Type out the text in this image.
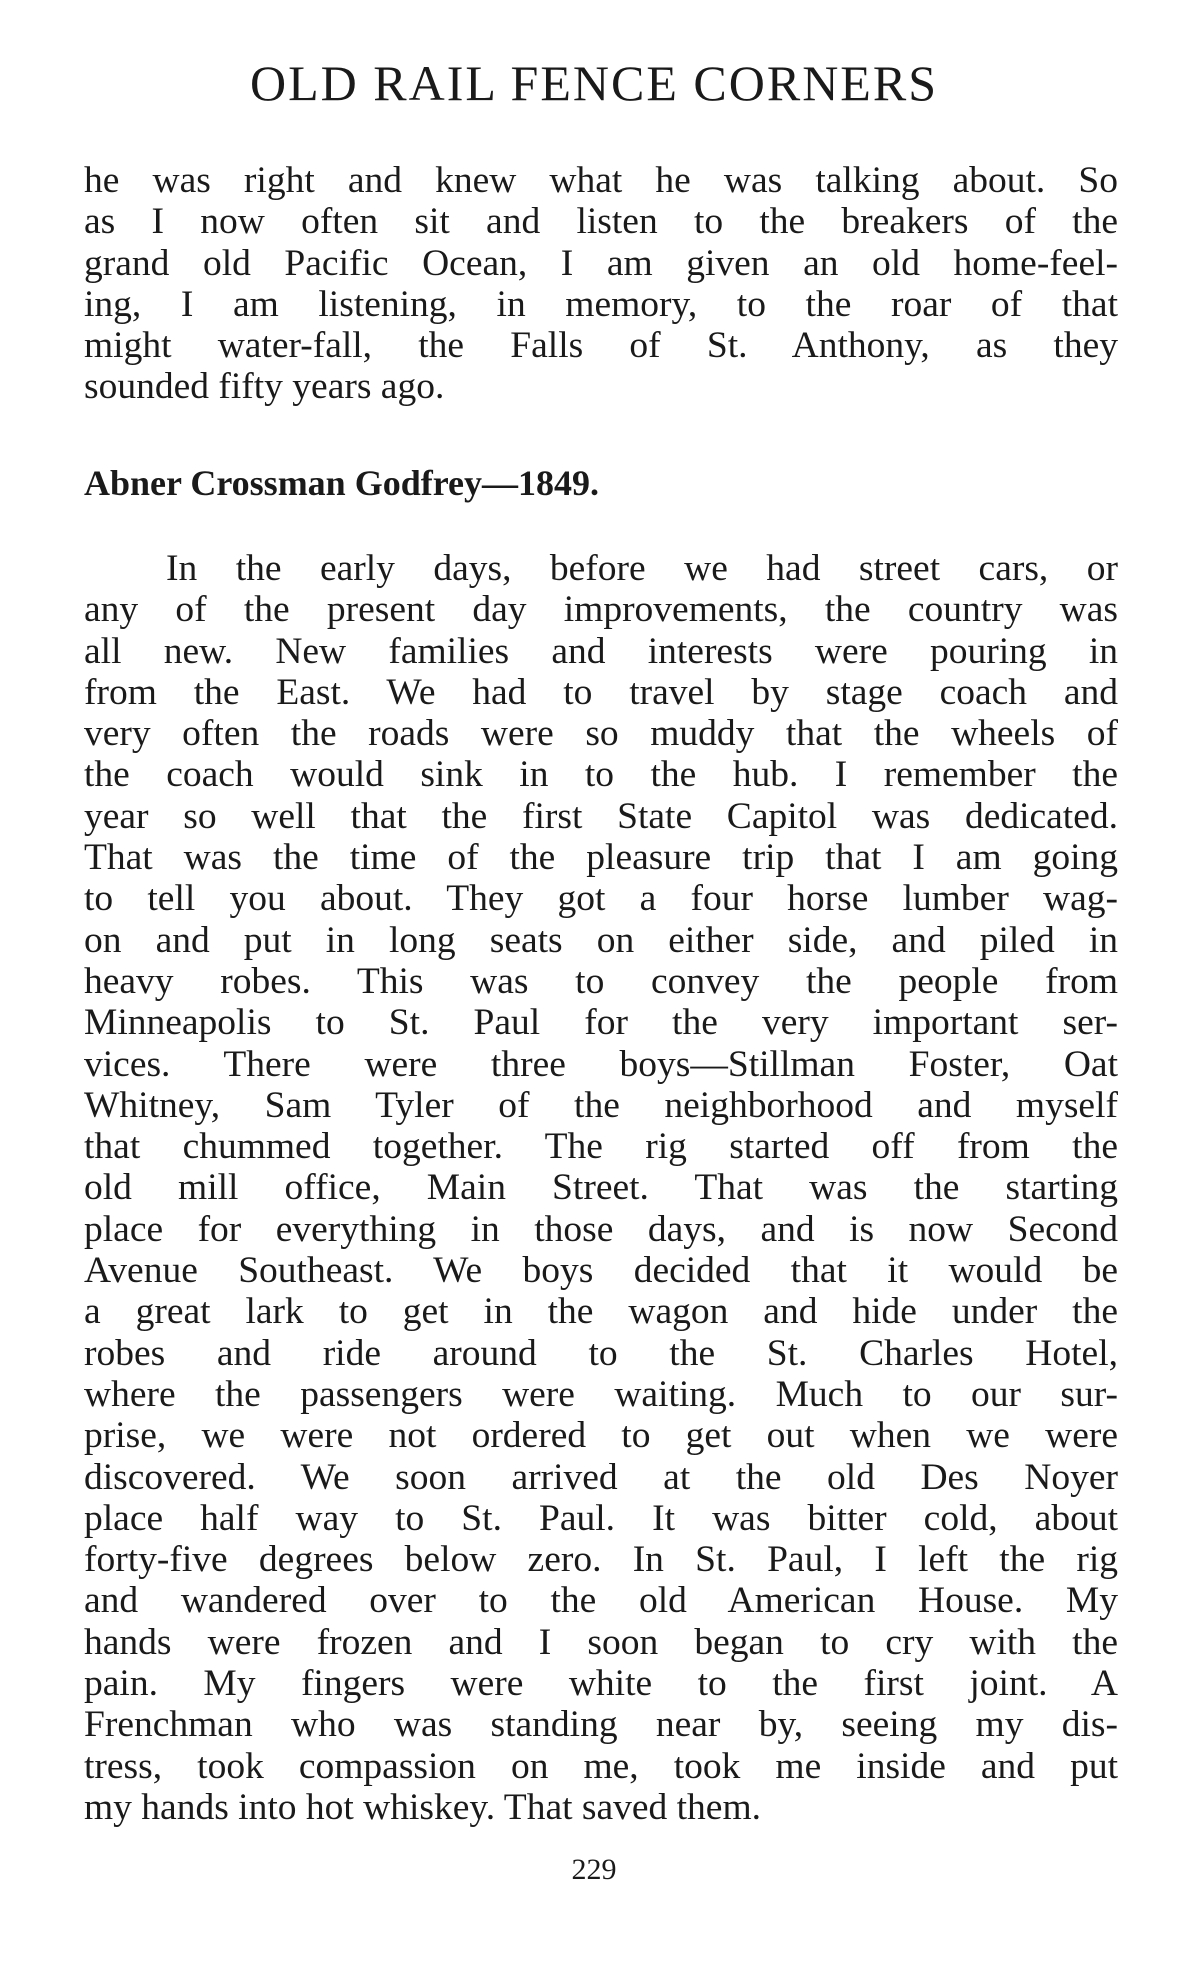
OLD RAIL FENCE CORNERS
he was right and knew what he was talking about. So
as I now often sit and listen to the breakers of the
grand old Pacific Ocean, I am given an old home-feel-
ing, I am listening, in memory, to the roar of that
might water-fall, the Falls of St. Anthony, as they
sounded fifty years ago.
Abner Crossman Godfrey—1849.
In the early days, before we had street cars, or
any of the present day improvements, the country was
all new. New families and interests were pouring in
from the East. We had to travel by stage coach and
very often the roads were so muddy that the wheels of
the coach would sink in to the hub. I remember the
year so well that the first State Capitol was dedicated.
That was the time of the pleasure trip that I am going
to tell you about. They got a four horse lumber wag-
on and put in long seats on either side, and piled in
heavy robes. This was to convey the people from
Minneapolis to St. Paul for the very important ser-
vices. There were three boys—Stillman Foster, Oat
Whitney, Sam Tyler of the neighborhood and myself
that chummed together. The rig started off from the
old mill office, Main Street. That was the starting
place for everything in those days, and is now Second
Avenue Southeast. We boys decided that it would be
a great lark to get in the wagon and hide under the
robes and ride around to the St. Charles Hotel,
where the passengers were waiting. Much to our sur-
prise, we were not ordered to get out when we were
discovered. We soon arrived at the old Des Noyer
place half way to St. Paul. It was bitter cold, about
forty-five degrees below zero. In St. Paul, I left the rig
and wandered over to the old American House. My
hands were frozen and I soon began to cry with the
pain. My fingers were white to the first joint. A
Frenchman who was standing near by, seeing my dis-
tress, took compassion on me, took me inside and put
my hands into hot whiskey. That saved them.
229
